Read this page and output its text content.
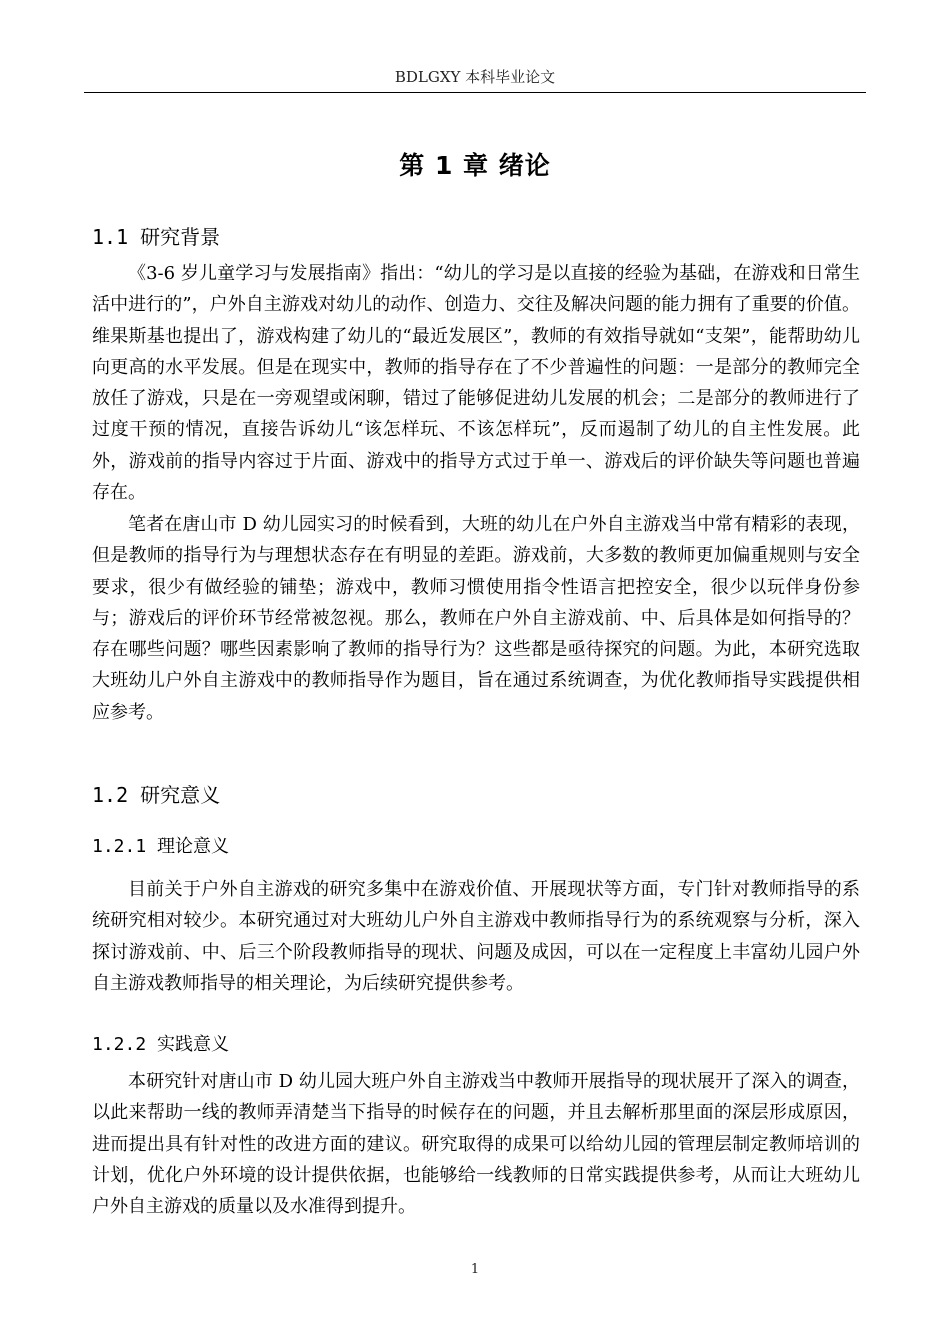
BDLGXY 本科毕业论文
第 1 章 绪论
1.1 研究背景

《3-6 岁儿童学习与发展指南》指出：“幼儿的学习是以直接的经验为基础，在游戏和日常生活中进行的”，户外自主游戏对幼儿的动作、创造力、交往及解决问题的能力拥有了重要的价值。维果斯基也提出了，游戏构建了幼儿的“最近发展区”，教师的有效指导就如“支架”，能帮助幼儿向更高的水平发展。但是在现实中，教师的指导存在了不少普遍性的问题：一是部分的教师完全放任了游戏，只是在一旁观望或闲聊，错过了能够促进幼儿发展的机会；二是部分的教师进行了过度干预的情况，直接告诉幼儿“该怎样玩、不该怎样玩”，反而遏制了幼儿的自主性发展。此外，游戏前的指导内容过于片面、游戏中的指导方式过于单一、游戏后的评价缺失等问题也普遍存在。

笔者在唐山市 D 幼儿园实习的时候看到，大班的幼儿在户外自主游戏当中常有精彩的表现，但是教师的指导行为与理想状态存在有明显的差距。游戏前，大多数的教师更加偏重规则与安全要求，很少有做经验的铺垫；游戏中，教师习惯使用指令性语言把控安全，很少以玩伴身份参与；游戏后的评价环节经常被忽视。那么，教师在户外自主游戏前、中、后具体是如何指导的？存在哪些问题？哪些因素影响了教师的指导行为？这些都是亟待探究的问题。为此，本研究选取大班幼儿户外自主游戏中的教师指导作为题目，旨在通过系统调查，为优化教师指导实践提供相应参考。

1.2 研究意义
1.2.1 理论意义

目前关于户外自主游戏的研究多集中在游戏价值、开展现状等方面，专门针对教师指导的系统研究相对较少。本研究通过对大班幼儿户外自主游戏中教师指导行为的系统观察与分析，深入探讨游戏前、中、后三个阶段教师指导的现状、问题及成因，可以在一定程度上丰富幼儿园户外自主游戏教师指导的相关理论，为后续研究提供参考。

1.2.2 实践意义

本研究针对唐山市 D 幼儿园大班户外自主游戏当中教师开展指导的现状展开了深入的调查，以此来帮助一线的教师弄清楚当下指导的时候存在的问题，并且去解析那里面的深层形成原因，进而提出具有针对性的改进方面的建议。研究取得的成果可以给幼儿园的管理层制定教师培训的计划，优化户外环境的设计提供依据，也能够给一线教师的日常实践提供参考，从而让大班幼儿户外自主游戏的质量以及水准得到提升。

1
